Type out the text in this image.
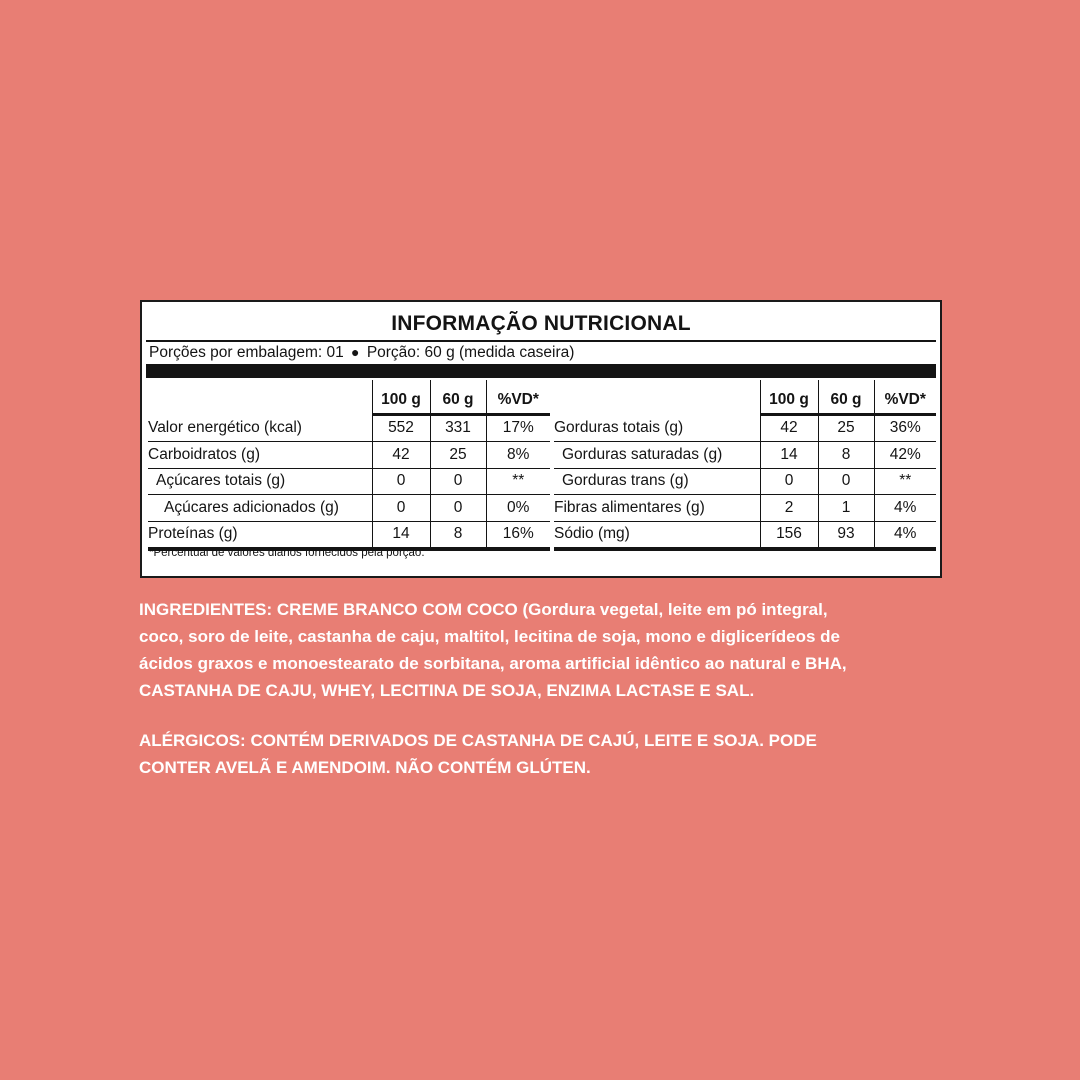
INFORMAÇÃO NUTRICIONAL
Porções por embalagem: 01 ● Porção: 60 g (medida caseira)
	100 g	60 g	%VD*
Valor energético (kcal)	552	331	17%
Carboidratos (g)	42	25	8%
Açúcares totais (g)	0	0	**
Açúcares adicionados (g)	0	0	0%
Proteínas (g)	14	8	16%
	100 g	60 g	%VD*
Gorduras totais (g)	42	25	36%
Gorduras saturadas (g)	14	8	42%
Gorduras trans (g)	0	0	**
Fibras alimentares (g)	2	1	4%
Sódio (mg)	156	93	4%
*Percentual de valores diários fornecidos pela porção.
INGREDIENTES: CREME BRANCO COM COCO (Gordura vegetal, leite em pó integral,
coco, soro de leite, castanha de caju, maltitol, lecitina de soja, mono e diglicerídeos de
ácidos graxos e monoestearato de sorbitana, aroma artificial idêntico ao natural e BHA,
CASTANHA DE CAJU, WHEY, LECITINA DE SOJA, ENZIMA LACTASE E SAL.
ALÉRGICOS: CONTÉM DERIVADOS DE CASTANHA DE CAJÚ, LEITE E SOJA. PODE
CONTER AVELÃ E AMENDOIM. NÃO CONTÉM GLÚTEN.
